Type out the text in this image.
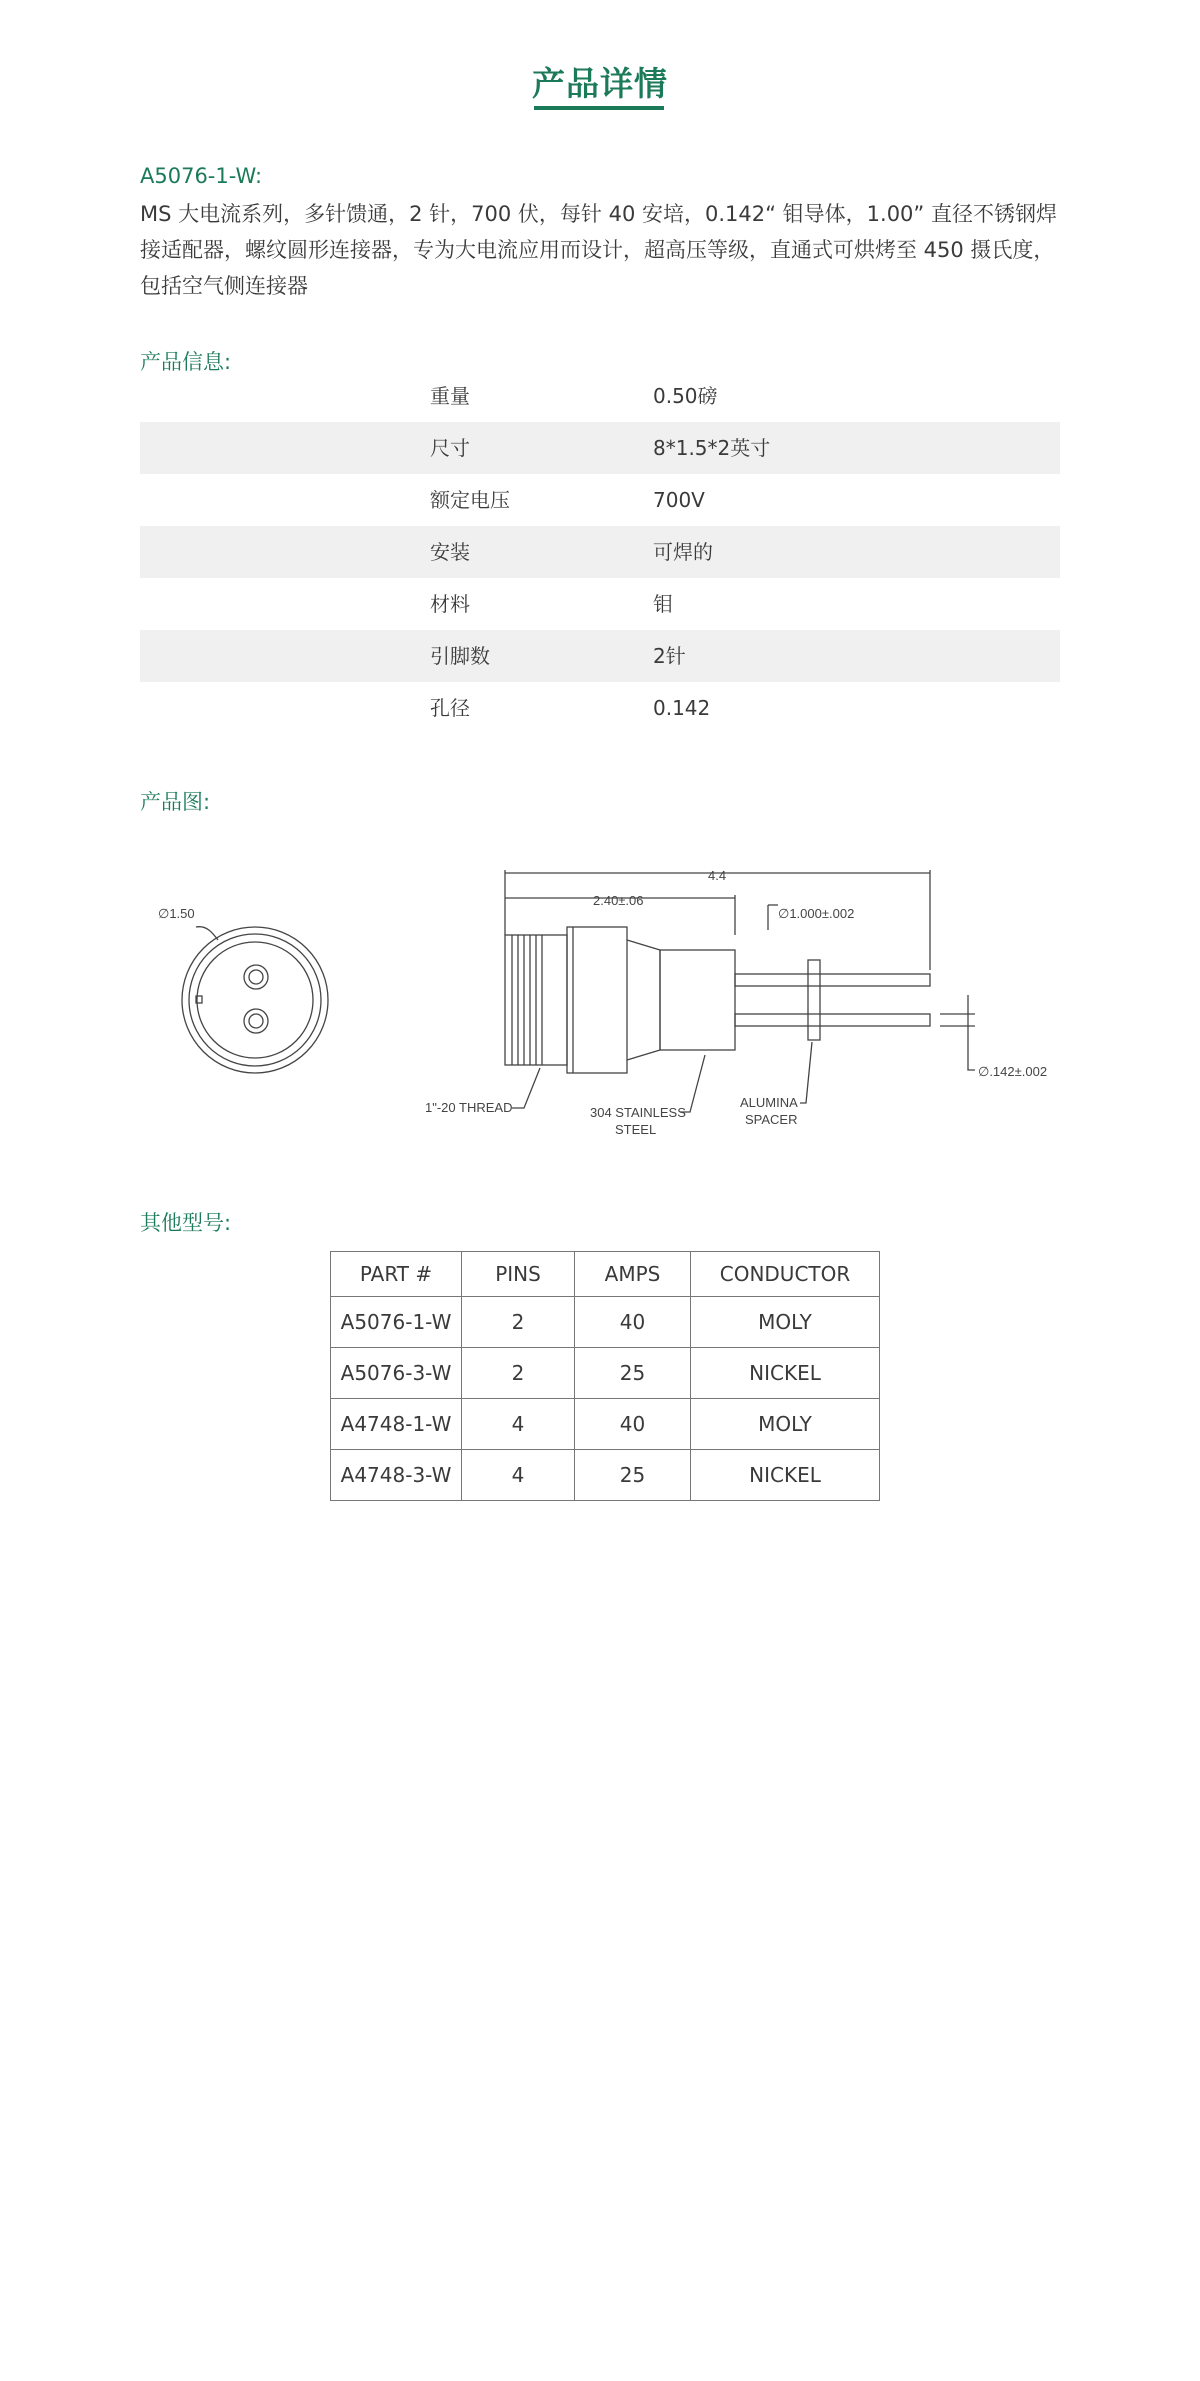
产品详情
A5076-1-W:

MS 大电流系列，多针馈通，2 针，700 伏，每针 40 安培，0.142“ 钼导体，1.00” 直径不锈钢焊接适配器，螺纹圆形连接器，专为大电流应用而设计，超高压等级，直通式可烘烤至 450 摄氏度，包括空气侧连接器

产品信息:
重量	0.50磅
尺寸	8*1.5*2英寸
额定电压	700V
安装	可焊的
材料	钼
引脚数	2针
孔径	0.142
产品图:
∅1.50
4.4
2.40±.06
∅1.000±.002
∅.142±.002
1"-20 THREAD	304 STAINLESS
STEEL
ALUMINA
SPACER
其他型号:
PART #	PINS	AMPS	CONDUCTOR
A5076-1-W	2	40	MOLY
A5076-3-W	2	25	NICKEL
A4748-1-W	4	40	MOLY
A4748-3-W	4	25	NICKEL
